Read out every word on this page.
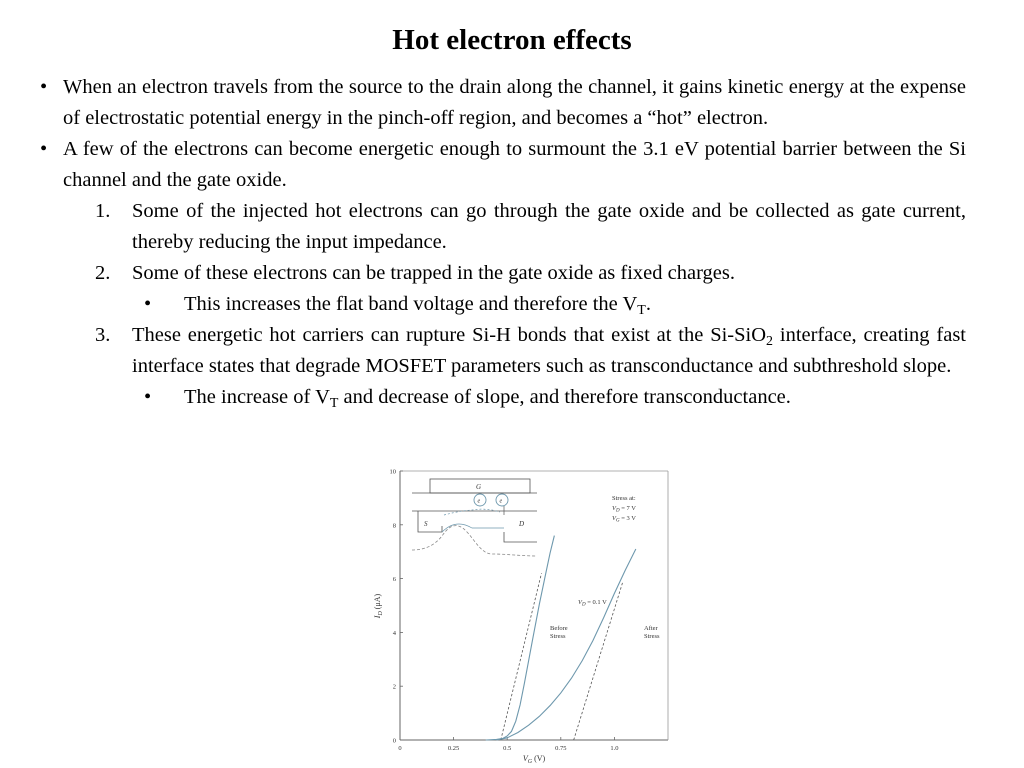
Hot electron effects
• When an electron travels from the source to the drain along the channel, it gains kinetic energy at the expense of electrostatic potential energy in the pinch-off region, and becomes a “hot” electron.
• A few of the electrons can become energetic enough to surmount the 3.1 eV potential barrier between the Si channel and the gate oxide.
1. Some of the injected hot electrons can go through the gate oxide and be collected as gate current, thereby reducing the input impedance.
2. Some of these electrons can be trapped in the gate oxide as fixed charges.
• This increases the flat band voltage and therefore the $V_T$.
3. These energetic hot carriers can rupture Si-H bonds that exist at the Si-SiO$_2$ interface, creating fast interface states that degrade MOSFET parameters such as transconductance and subthreshold slope.
• The increase of $V_T$ and decrease of slope, and therefore transconductance.
0	0.25	0.5	0.75	1.0
0
2
4
6
8
10
$I_D$ (μA)
$V_G$ (V)
G
e	e
S	D
Stress at:
$V_D = 7$ V
$V_G = 3$ V
$V_D = 0.1$ V
Before Stress
After Stress
